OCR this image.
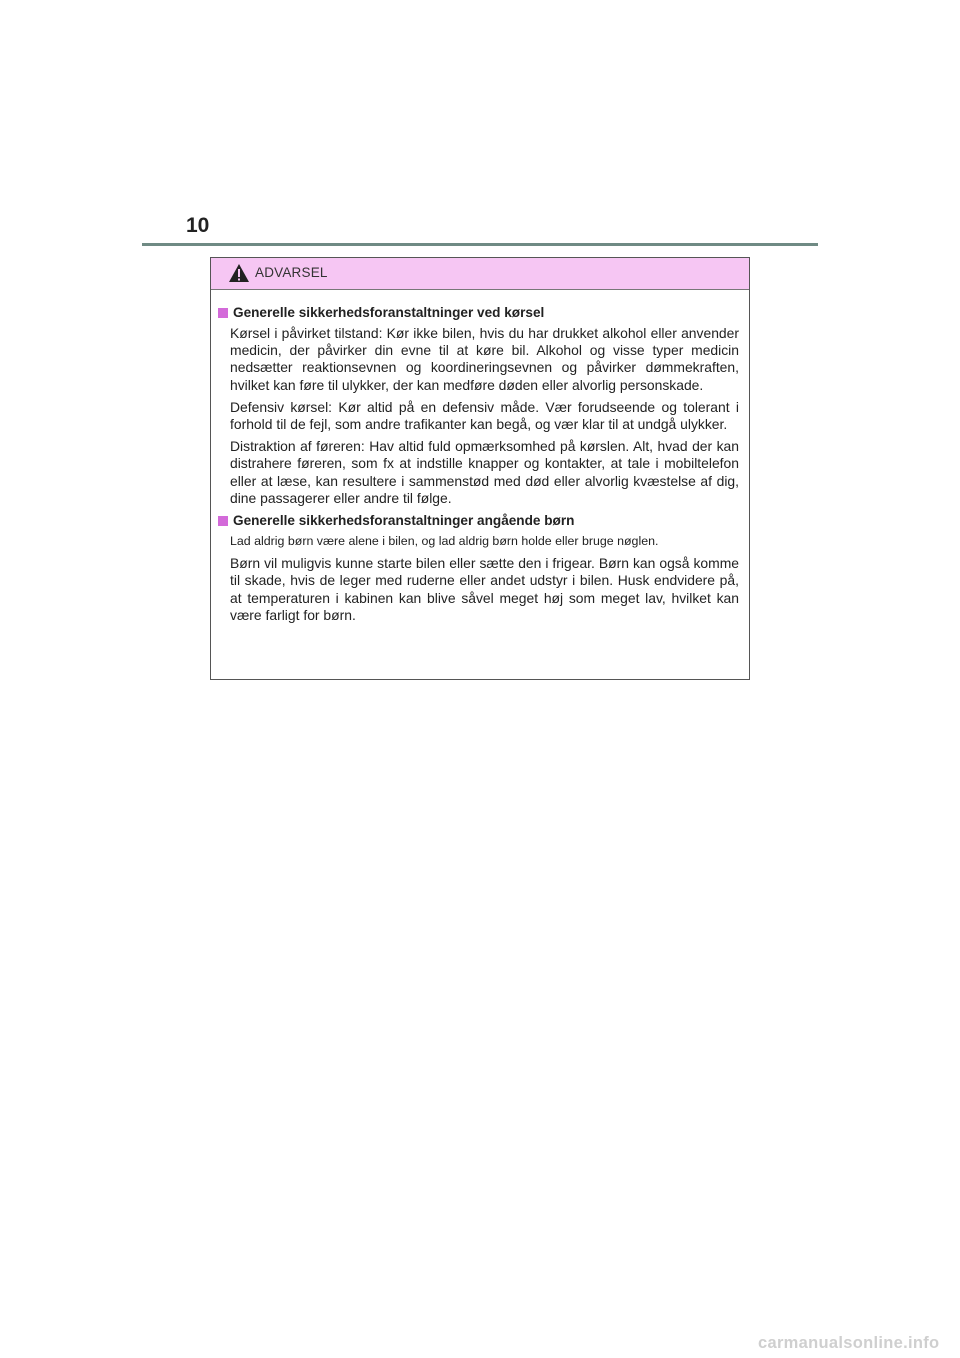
10
ADVARSEL
Generelle sikkerhedsforanstaltninger ved kørsel

Kørsel i påvirket tilstand: Kør ikke bilen, hvis du har drukket alkohol eller anvender medicin, der påvirker din evne til at køre bil. Alkohol og visse typer medicin nedsætter reaktionsevnen og koordineringsevnen og påvirker dømmekraften, hvilket kan føre til ulykker, der kan medføre døden eller alvorlig personskade.

Defensiv kørsel: Kør altid på en defensiv måde. Vær forudseende og tolerant i forhold til de fejl, som andre trafikanter kan begå, og vær klar til at undgå ulykker.

Distraktion af føreren: Hav altid fuld opmærksomhed på kørslen. Alt, hvad der kan distrahere føreren, som fx at indstille knapper og kontakter, at tale i mobiltelefon eller at læse, kan resultere i sammenstød med død eller alvorlig kvæstelse af dig, dine passagerer eller andre til følge.

Generelle sikkerhedsforanstaltninger angående børn

Lad aldrig børn være alene i bilen, og lad aldrig børn holde eller bruge nøglen.

Børn vil muligvis kunne starte bilen eller sætte den i frigear. Børn kan også komme til skade, hvis de leger med ruderne eller andet udstyr i bilen. Husk endvidere på, at temperaturen i kabinen kan blive såvel meget høj som meget lav, hvilket kan være farligt for børn.

carmanualsonline.info
